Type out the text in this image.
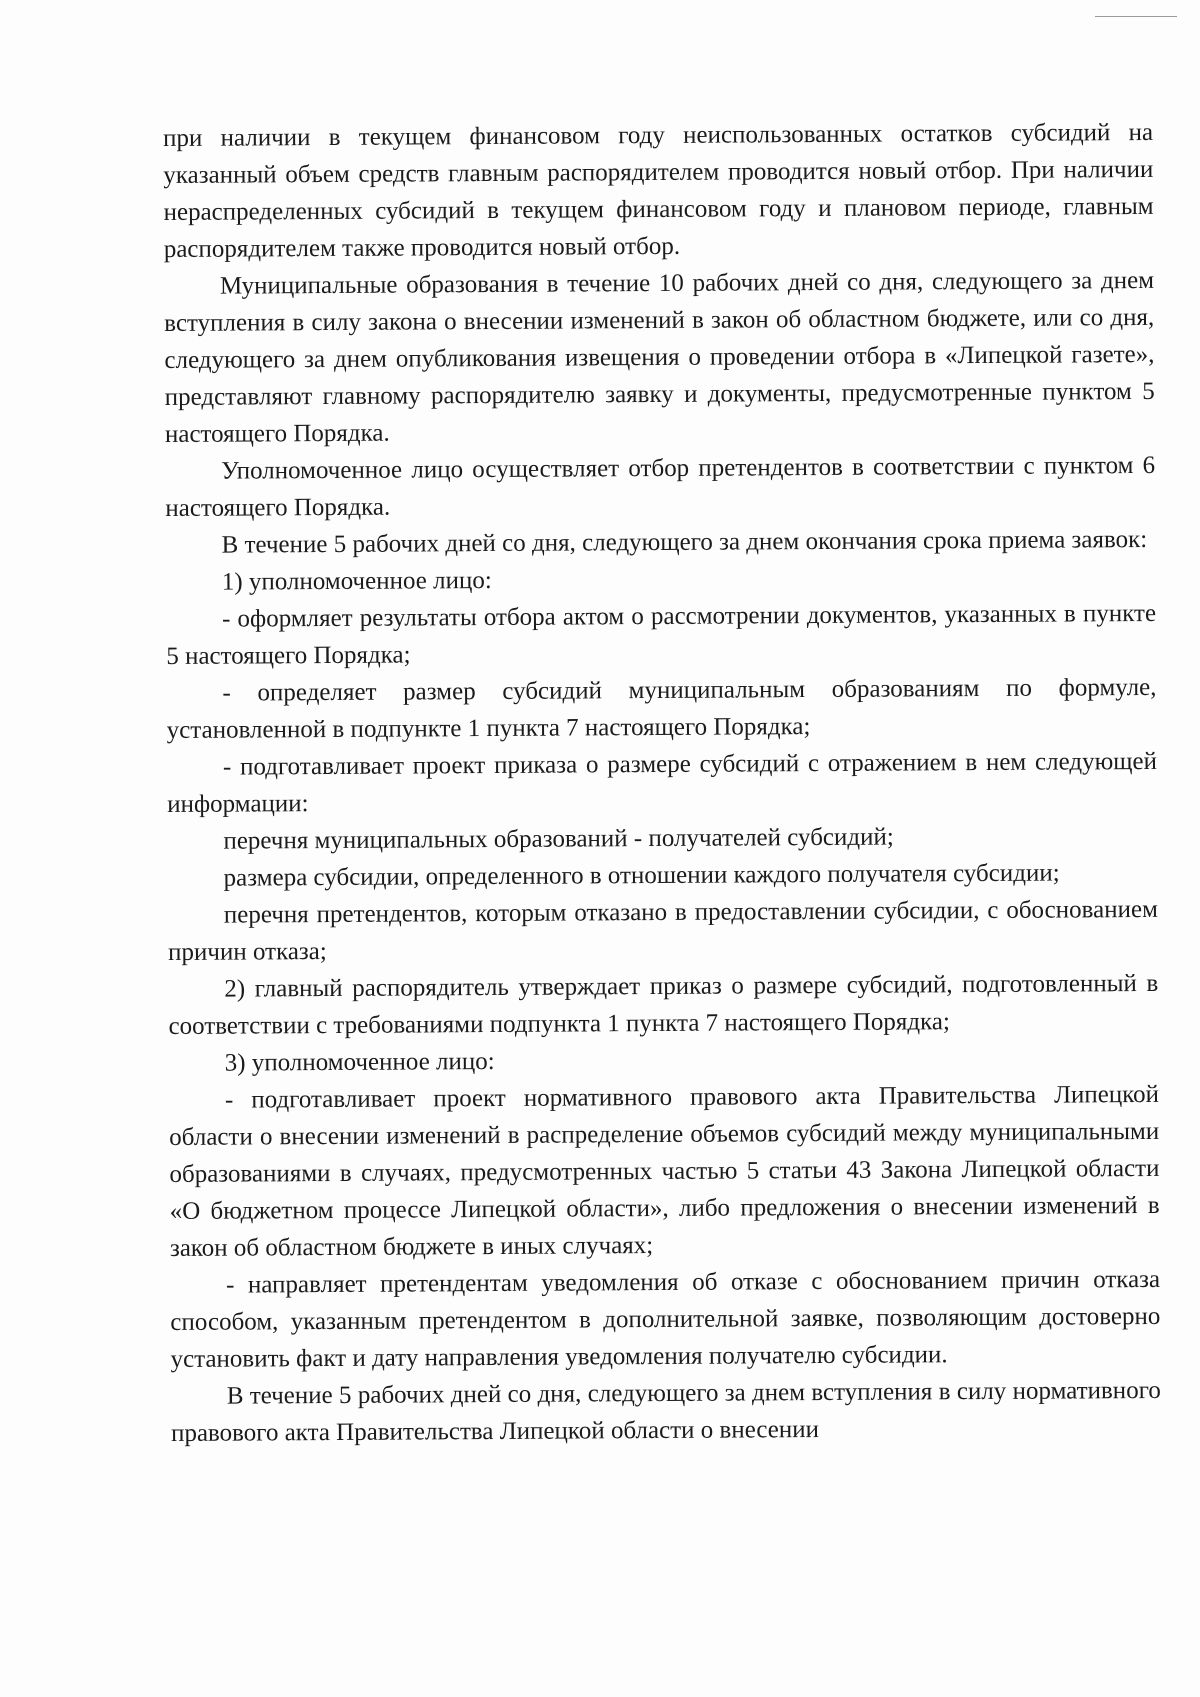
при наличии в текущем финансовом году неиспользованных остатков субсидий на указанный объем средств главным распорядителем проводится новый отбор. При наличии нераспределенных субсидий в текущем финансовом году и плановом периоде, главным распорядителем также проводится новый отбор.

Муниципальные образования в течение 10 рабочих дней со дня, следующего за днем вступления в силу закона о внесении изменений в закон об областном бюджете, или со дня, следующего за днем опубликования извещения о проведении отбора в «Липецкой газете», представляют главному распорядителю заявку и документы, предусмотренные пунктом 5 настоящего Порядка.

Уполномоченное лицо осуществляет отбор претендентов в соответствии с пунктом 6 настоящего Порядка.

В течение 5 рабочих дней со дня, следующего за днем окончания срока приема заявок:

1) уполномоченное лицо:

- оформляет результаты отбора актом о рассмотрении документов, указанных в пункте 5 настоящего Порядка;

- определяет размер субсидий муниципальным образованиям по формуле, установленной в подпункте 1 пункта 7 настоящего Порядка;

- подготавливает проект приказа о размере субсидий с отражением в нем следующей информации:

перечня муниципальных образований - получателей субсидий;

размера субсидии, определенного в отношении каждого получателя субсидии;

перечня претендентов, которым отказано в предоставлении субсидии, с обоснованием причин отказа;

2) главный распорядитель утверждает приказ о размере субсидий, подготовленный в соответствии с требованиями подпункта 1 пункта 7 настоящего Порядка;

3) уполномоченное лицо:

- подготавливает проект нормативного правового акта Правительства Липецкой области о внесении изменений в распределение объемов субсидий между муниципальными образованиями в случаях, предусмотренных частью 5 статьи 43 Закона Липецкой области «О бюджетном процессе Липецкой области», либо предложения о внесении изменений в закон об областном бюджете в иных случаях;

- направляет претендентам уведомления об отказе с обоснованием причин отказа способом, указанным претендентом в дополнительной заявке, позволяющим достоверно установить факт и дату направления уведомления получателю субсидии.

В течение 5 рабочих дней со дня, следующего за днем вступления в силу нормативного правового акта Правительства Липецкой области о внесении
